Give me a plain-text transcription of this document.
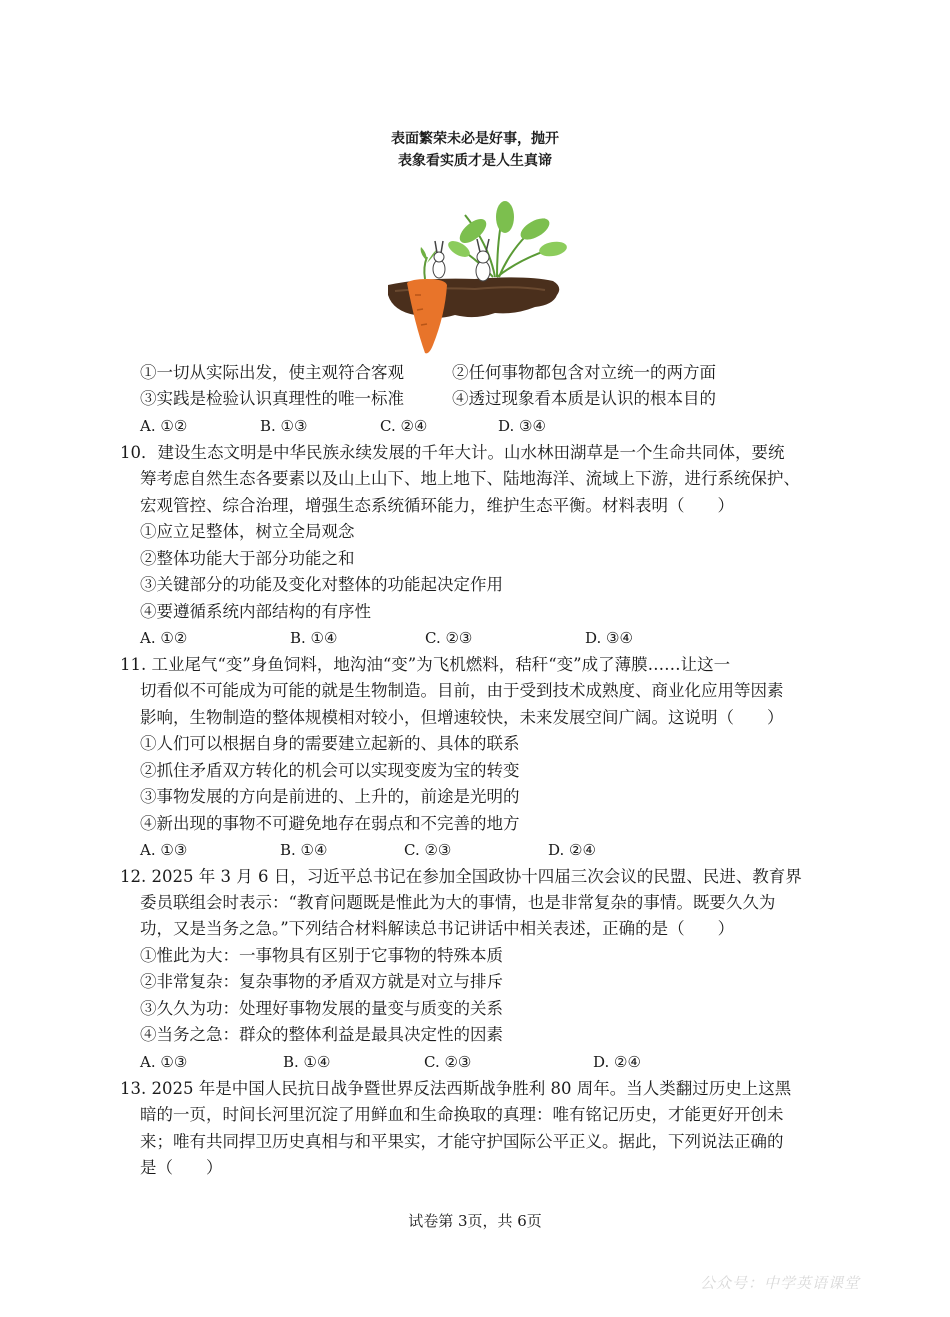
表面繁荣未必是好事，抛开
表象看实质才是人生真谛
①一切从实际出发，使主观符合客观	②任何事物都包含对立统一的两方面
③实践是检验认识真理性的唯一标准	④透过现象看本质是认识的根本目的
A. ①②	B. ①③	C. ②④	D. ③④
10．建设生态文明是中华民族永续发展的千年大计。山水林田湖草是一个生命共同体，要统
筹考虑自然生态各要素以及山上山下、地上地下、陆地海洋、流域上下游，进行系统保护、
宏观管控、综合治理，增强生态系统循环能力，维护生态平衡。材料表明（　　）
①应立足整体，树立全局观念
②整体功能大于部分功能之和
③关键部分的功能及变化对整体的功能起决定作用
④要遵循系统内部结构的有序性
A. ①②	B. ①④	C. ②③	D. ③④
11. 工业尾气“变”身鱼饲料，地沟油“变”为飞机燃料，秸秆“变”成了薄膜……让这一
切看似不可能成为可能的就是生物制造。目前，由于受到技术成熟度、商业化应用等因素
影响，生物制造的整体规模相对较小，但增速较快，未来发展空间广阔。这说明（　　）
①人们可以根据自身的需要建立起新的、具体的联系
②抓住矛盾双方转化的机会可以实现变废为宝的转变
③事物发展的方向是前进的、上升的，前途是光明的
④新出现的事物不可避免地存在弱点和不完善的地方
A. ①③	B. ①④	C. ②③	D. ②④
12. 2025 年 3 月 6 日，习近平总书记在参加全国政协十四届三次会议的民盟、民进、教育界
委员联组会时表示：“教育问题既是惟此为大的事情，也是非常复杂的事情。既要久久为
功，又是当务之急。”下列结合材料解读总书记讲话中相关表述，正确的是（　　）
①惟此为大：一事物具有区别于它事物的特殊本质
②非常复杂：复杂事物的矛盾双方就是对立与排斥
③久久为功：处理好事物发展的量变与质变的关系
④当务之急：群众的整体利益是最具决定性的因素
A. ①③	B. ①④	C. ②③	D. ②④
13. 2025 年是中国人民抗日战争暨世界反法西斯战争胜利 80 周年。当人类翻过历史上这黑
暗的一页，时间长河里沉淀了用鲜血和生命换取的真理：唯有铭记历史，才能更好开创未
来；唯有共同捍卫历史真相与和平果实，才能守护国际公平正义。据此，下列说法正确的
是（　　）
试卷第 3页，共 6页
公众号：中学英语课堂
